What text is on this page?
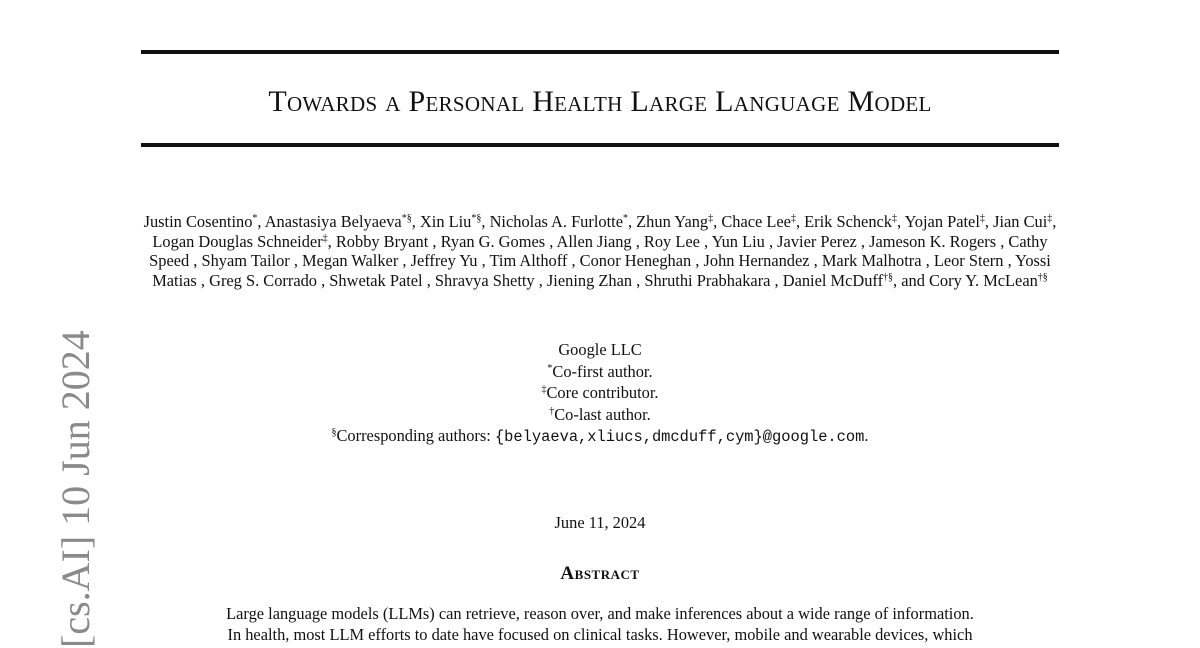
Towards a Personal Health Large Language Model
Justin Cosentino*, Anastasiya Belyaeva*§, Xin Liu*§, Nicholas A. Furlotte*, Zhun Yang‡, Chace Lee‡, Erik Schenck‡, Yojan Patel‡, Jian Cui‡, Logan Douglas Schneider‡, Robby Bryant , Ryan G. Gomes , Allen Jiang , Roy Lee , Yun Liu , Javier Perez , Jameson K. Rogers , Cathy Speed , Shyam Tailor , Megan Walker , Jeffrey Yu , Tim Althoff , Conor Heneghan , John Hernandez , Mark Malhotra , Leor Stern , Yossi Matias , Greg S. Corrado , Shwetak Patel , Shravya Shetty , Jiening Zhan , Shruthi Prabhakara , Daniel McDuff†§, and Cory Y. McLean†§
Google LLC
*Co-first author.
‡Core contributor.
†Co-last author.
§Corresponding authors: {belyaeva,xliucs,dmcduff,cym}@google.com.
June 11, 2024
Abstract
Large language models (LLMs) can retrieve, reason over, and make inferences about a wide range of information.
In health, most LLM efforts to date have focused on clinical tasks. However, mobile and wearable devices, which
[cs.AI] 10 Jun 2024
